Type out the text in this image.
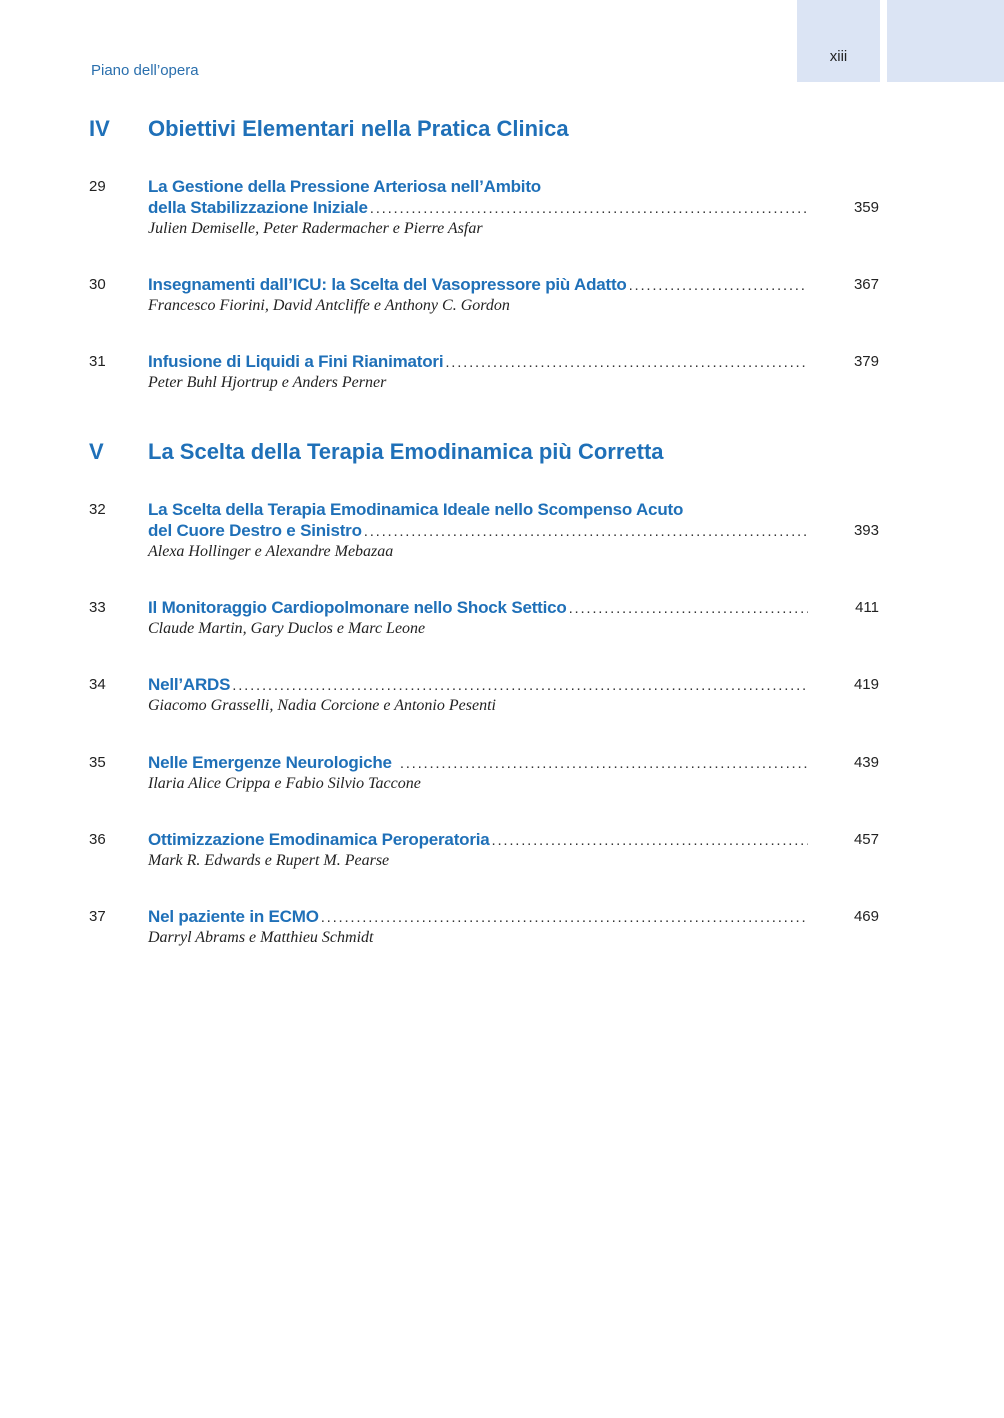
xiii
Piano dell’opera
IV Obiettivi Elementari nella Pratica Clinica
29 La Gestione della Pressione Arteriosa nell’Ambito
della Stabilizzazione Iniziale
. . .
Julien Demiselle, Peter Radermacher e Pierre Asfar
359
30 Insegnamenti dall’ICU: la Scelta del Vasopressore più Adatto
. . .
Francesco Fiorini, David Antcliffe e Anthony C. Gordon
367
31 Infusione di Liquidi a Fini Rianimatori
. . .
Peter Buhl Hjortrup e Anders Perner
379
V La Scelta della Terapia Emodinamica più Corretta
32 La Scelta della Terapia Emodinamica Ideale nello Scompenso Acuto
del Cuore Destro e Sinistro
. . .
Alexa Hollinger e Alexandre Mebazaa
393
33 Il Monitoraggio Cardiopolmonare nello Shock Settico
. . .
Claude Martin, Gary Duclos e Marc Leone
411
34 Nell’ARDS
. . .
Giacomo Grasselli, Nadia Corcione e Antonio Pesenti
419
35 Nelle Emergenze Neurologiche
. . .
Ilaria Alice Crippa e Fabio Silvio Taccone
439
36 Ottimizzazione Emodinamica Peroperatoria
. . .
Mark R. Edwards e Rupert M. Pearse
457
37 Nel paziente in ECMO
. . .
Darryl Abrams e Matthieu Schmidt
469
